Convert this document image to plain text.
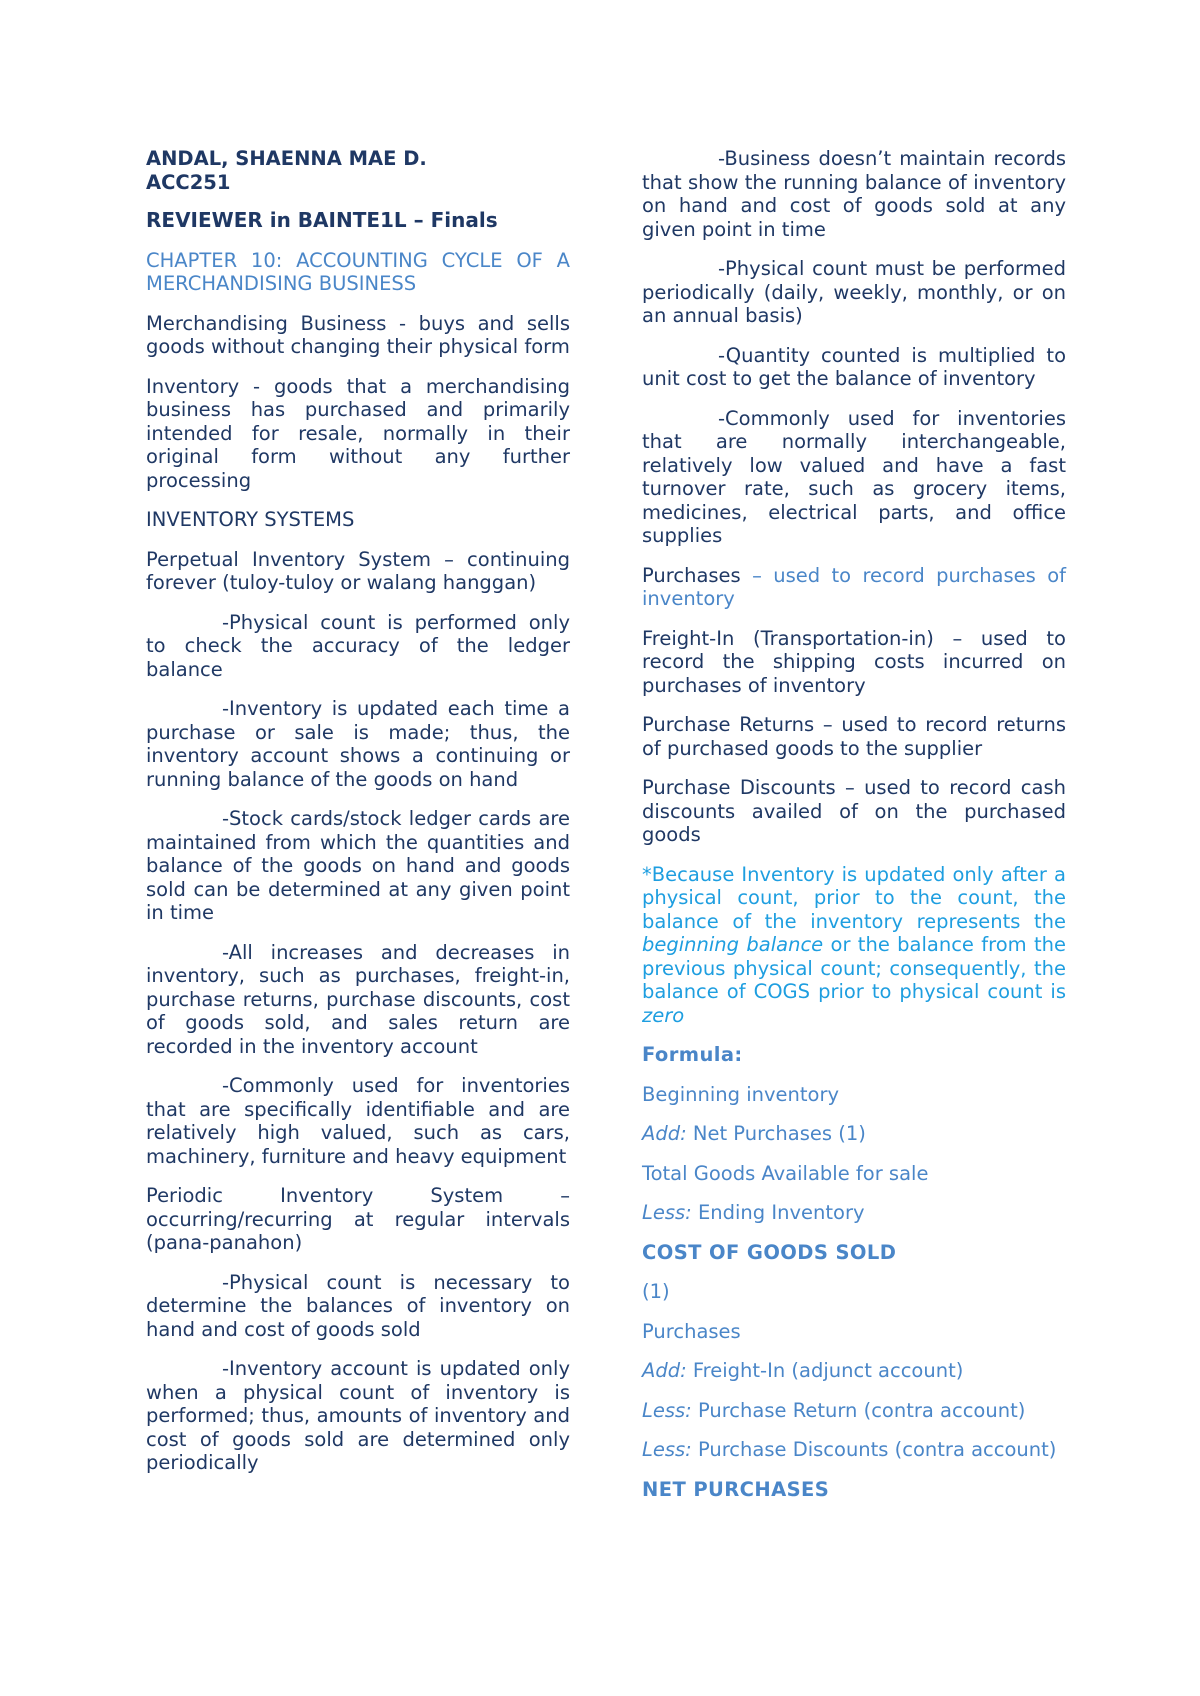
ANDAL, SHAENNA MAE D.

ACC251

REVIEWER in BAINTE1L – Finals

CHAPTER 10: ACCOUNTING CYCLE OF A MERCHANDISING BUSINESS

Merchandising Business - buys and sells goods without changing their physical form

Inventory - goods that a merchandising business has purchased and primarily intended for resale, normally in their original form without any further processing

INVENTORY SYSTEMS

Perpetual Inventory System – continuing forever (tuloy-tuloy or walang hanggan)

-Physical count is performed only to check the accuracy of the ledger balance

-Inventory is updated each time a purchase or sale is made; thus, the inventory account shows a continuing or running balance of the goods on hand

-Stock cards/stock ledger cards are maintained from which the quantities and balance of the goods on hand and goods sold can be determined at any given point in time

-All increases and decreases in inventory, such as purchases, freight-in, purchase returns, purchase discounts, cost of goods sold, and sales return are recorded in the inventory account

-Commonly used for inventories that are specifically identifiable and are relatively high valued, such as cars, machinery, furniture and heavy equipment

Periodic Inventory System – occurring/recurring at regular intervals (pana-panahon)

-Physical count is necessary to determine the balances of inventory on hand and cost of goods sold

-Inventory account is updated only when a physical count of inventory is performed; thus, amounts of inventory and cost of goods sold are determined only periodically

-Business doesn’t maintain records that show the running balance of inventory on hand and cost of goods sold at any given point in time

-Physical count must be performed periodically (daily, weekly, monthly, or on an annual basis)

-Quantity counted is multiplied to unit cost to get the balance of inventory

-Commonly used for inventories that are normally interchangeable, relatively low valued and have a fast turnover rate, such as grocery items, medicines, electrical parts, and office supplies

Purchases – used to record purchases of inventory

Freight-In (Transportation-in) – used to record the shipping costs incurred on purchases of inventory

Purchase Returns – used to record returns of purchased goods to the supplier

Purchase Discounts – used to record cash discounts availed of on the purchased goods

*Because Inventory is updated only after a physical count, prior to the count, the balance of the inventory represents the beginning balance or the balance from the previous physical count; consequently, the balance of COGS prior to physical count is zero

Formula:

Beginning inventory

Add: Net Purchases (1)

Total Goods Available for sale

Less: Ending Inventory

COST OF GOODS SOLD

(1)

Purchases

Add: Freight-In (adjunct account)

Less: Purchase Return (contra account)

Less: Purchase Discounts (contra account)

NET PURCHASES
